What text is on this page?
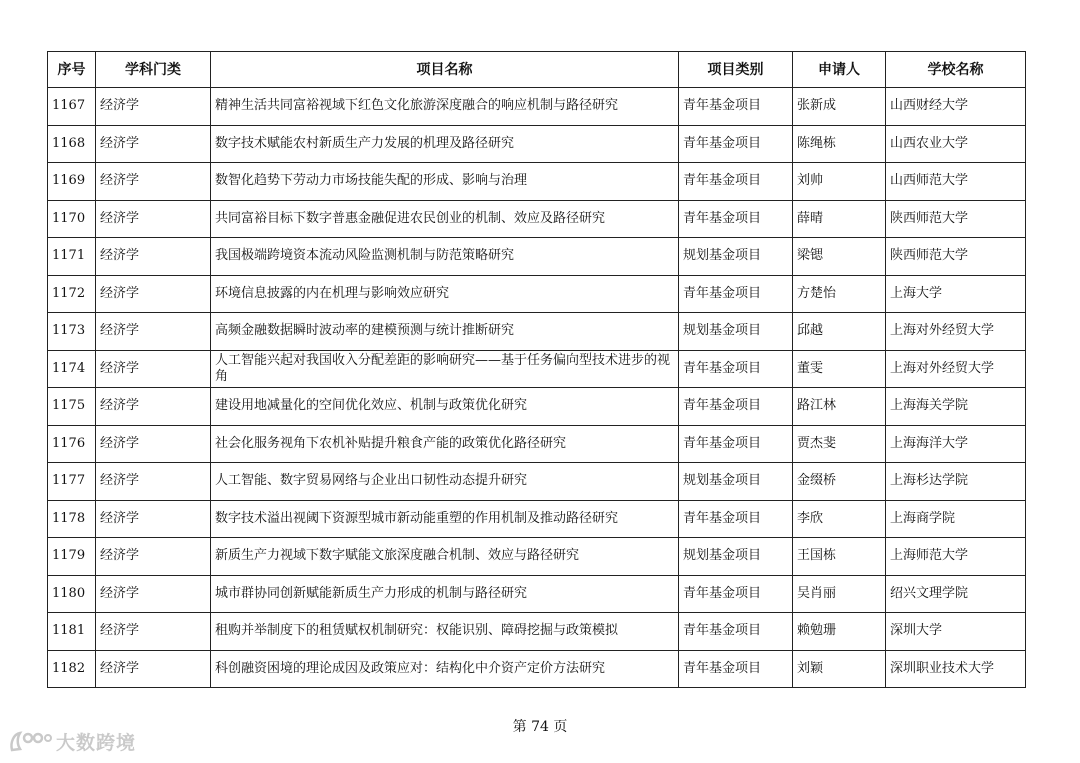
序号	学科门类	项目名称	项目类别	申请人	学校名称
1167	经济学	精神生活共同富裕视域下红色文化旅游深度融合的响应机制与路径研究	青年基金项目	张新成	山西财经大学
1168	经济学	数字技术赋能农村新质生产力发展的机理及路径研究	青年基金项目	陈绳栋	山西农业大学
1169	经济学	数智化趋势下劳动力市场技能失配的形成、影响与治理	青年基金项目	刘帅	山西师范大学
1170	经济学	共同富裕目标下数字普惠金融促进农民创业的机制、效应及路径研究	青年基金项目	薛晴	陕西师范大学
1171	经济学	我国极端跨境资本流动风险监测机制与防范策略研究	规划基金项目	梁锶	陕西师范大学
1172	经济学	环境信息披露的内在机理与影响效应研究	青年基金项目	方楚怡	上海大学
1173	经济学	高频金融数据瞬时波动率的建模预测与统计推断研究	规划基金项目	邱越	上海对外经贸大学
1174	经济学	人工智能兴起对我国收入分配差距的影响研究——基于任务偏向型技术进步的视角	青年基金项目	董雯	上海对外经贸大学
1175	经济学	建设用地减量化的空间优化效应、机制与政策优化研究	青年基金项目	路江林	上海海关学院
1176	经济学	社会化服务视角下农机补贴提升粮食产能的政策优化路径研究	青年基金项目	贾杰斐	上海海洋大学
1177	经济学	人工智能、数字贸易网络与企业出口韧性动态提升研究	规划基金项目	金缀桥	上海杉达学院
1178	经济学	数字技术溢出视阈下资源型城市新动能重塑的作用机制及推动路径研究	青年基金项目	李欣	上海商学院
1179	经济学	新质生产力视域下数字赋能文旅深度融合机制、效应与路径研究	规划基金项目	王国栋	上海师范大学
1180	经济学	城市群协同创新赋能新质生产力形成的机制与路径研究	青年基金项目	吴肖丽	绍兴文理学院
1181	经济学	租购并举制度下的租赁赋权机制研究：权能识别、障碍挖掘与政策模拟	青年基金项目	赖勉珊	深圳大学
1182	经济学	科创融资困境的理论成因及政策应对：结构化中介资产定价方法研究	青年基金项目	刘颖	深圳职业技术大学
第 74 页
大数跨境
